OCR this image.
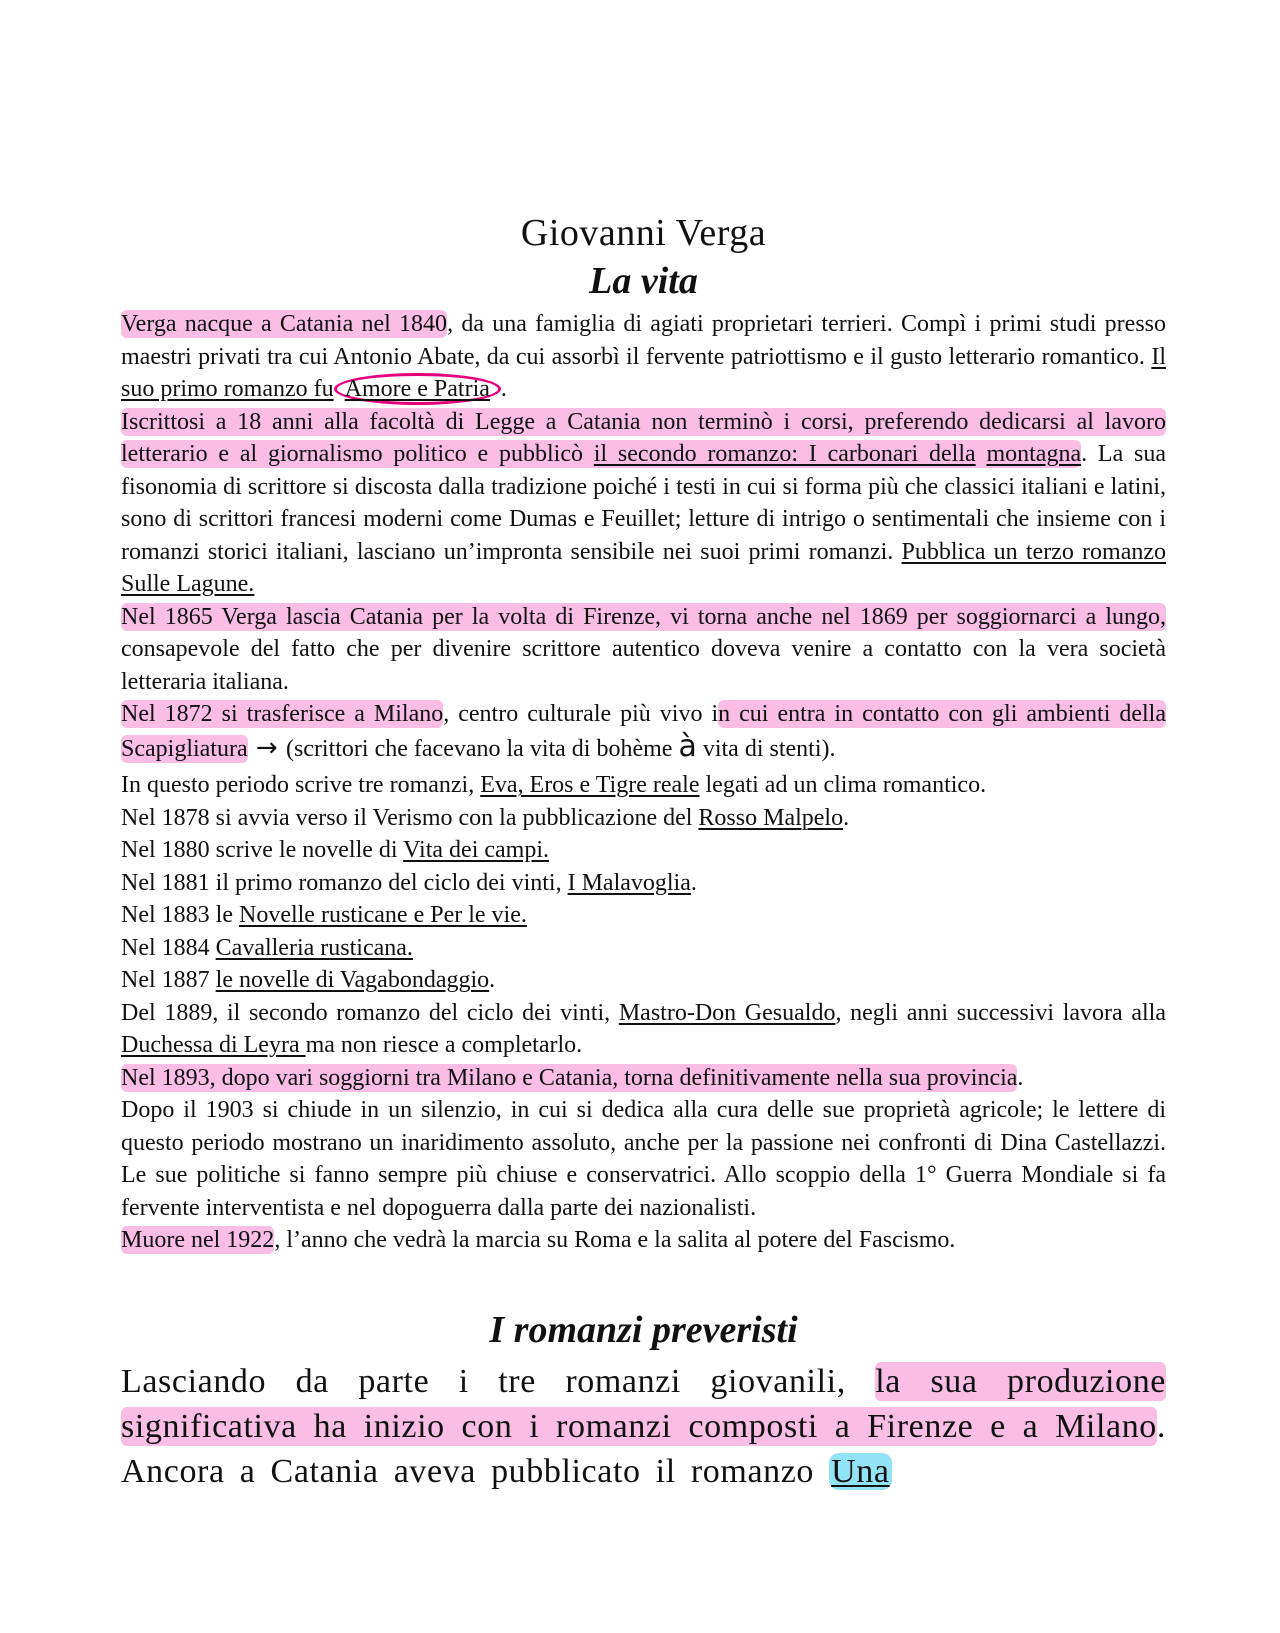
Giovanni Verga
La vita

Verga nacque a Catania nel 1840, da una famiglia di agiati proprietari terrieri. Compì i primi studi presso maestri privati tra cui Antonio Abate, da cui assorbì il fervente patriottismo e il gusto letterario romantico. Il suo primo romanzo fu Amore e Patria .

Iscrittosi a 18 anni alla facoltà di Legge a Catania non terminò i corsi, preferendo dedicarsi al lavoro letterario e al giornalismo politico e pubblicò il secondo romanzo: I carbonari della montagna. La sua fisonomia di scrittore si discosta dalla tradizione poiché i testi in cui si forma più che classici italiani e latini, sono di scrittori francesi moderni come Dumas e Feuillet; letture di intrigo o sentimentali che insieme con i romanzi storici italiani, lasciano un’impronta sensibile nei suoi primi romanzi. Pubblica un terzo romanzo Sulle Lagune.

Nel 1865 Verga lascia Catania per la volta di Firenze, vi torna anche nel 1869 per soggiornarci a lungo, consapevole del fatto che per divenire scrittore autentico doveva venire a contatto con la vera società letteraria italiana.

Nel 1872 si trasferisce a Milano, centro culturale più vivo in cui entra in contatto con gli ambienti della Scapigliatura → (scrittori che facevano la vita di bohème à vita di stenti).

In questo periodo scrive tre romanzi, Eva, Eros e Tigre reale legati ad un clima romantico.

Nel 1878 si avvia verso il Verismo con la pubblicazione del Rosso Malpelo.

Nel 1880 scrive le novelle di Vita dei campi.

Nel 1881 il primo romanzo del ciclo dei vinti, I Malavoglia.

Nel 1883 le Novelle rusticane e Per le vie.

Nel 1884 Cavalleria rusticana.

Nel 1887 le novelle di Vagabondaggio.

Del 1889, il secondo romanzo del ciclo dei vinti, Mastro-Don Gesualdo, negli anni successivi lavora alla Duchessa di Leyra ma non riesce a completarlo.

Nel 1893, dopo vari soggiorni tra Milano e Catania, torna definitivamente nella sua provincia.

Dopo il 1903 si chiude in un silenzio, in cui si dedica alla cura delle sue proprietà agricole; le lettere di questo periodo mostrano un inaridimento assoluto, anche per la passione nei confronti di Dina Castellazzi. Le sue politiche si fanno sempre più chiuse e conservatrici. Allo scoppio della 1° Guerra Mondiale si fa fervente interventista e nel dopoguerra dalla parte dei nazionalisti.

Muore nel 1922, l’anno che vedrà la marcia su Roma e la salita al potere del Fascismo.

I romanzi preveristi

Lasciando da parte i tre romanzi giovanili, la sua produzione significativa ha inizio con i romanzi composti a Firenze e a Milano. Ancora a Catania aveva pubblicato il romanzo Una
